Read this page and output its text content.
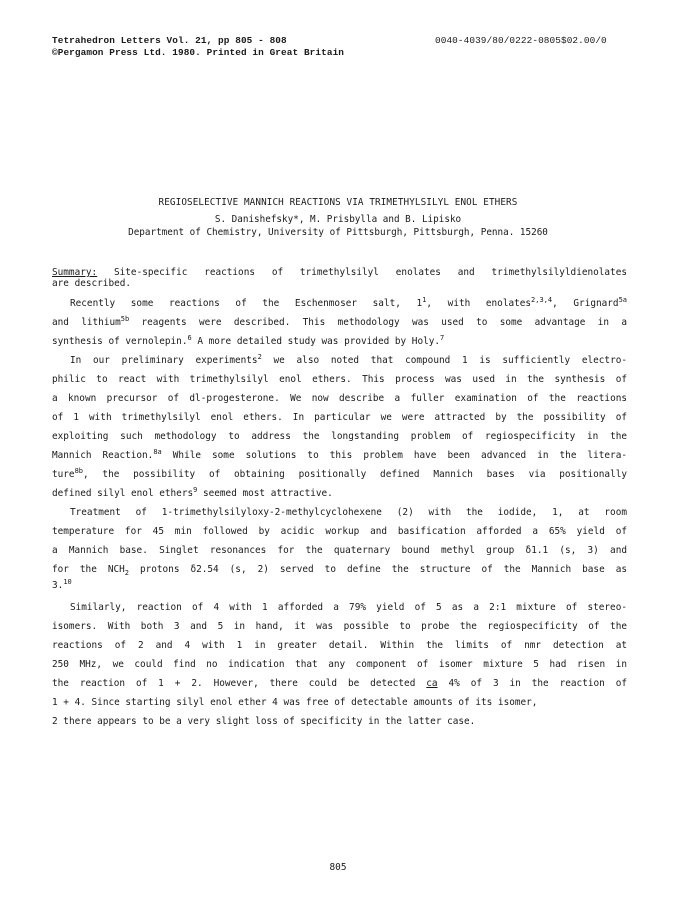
Tetrahedron Letters Vol. 21, pp 805 - 808
©Pergamon Press Ltd. 1980. Printed in Great Britain
0040-4039/80/0222-0805$02.00/0
REGIOSELECTIVE MANNICH REACTIONS VIA TRIMETHYLSILYL ENOL ETHERS
S. Danishefsky*, M. Prisbylla and B. Lipisko
Department of Chemistry, University of Pittsburgh, Pittsburgh, Penna. 15260
Summary: Site-specific reactions of trimethylsilyl enolates and trimethylsilyldienolates
are described.
Recently some reactions of the Eschenmoser salt, $1^1$, with enolates$^{2,3,4}$, Grignard$^{5a}$
and lithium$^{5b}$ reagents were described. This methodology was used to some advantage in a
synthesis of vernolepin.$^6$ A more detailed study was provided by Holy.$^7$
In our preliminary experiments$^2$ we also noted that compound 1 is sufficiently electro-
philic to react with trimethylsilyl enol ethers. This process was used in the synthesis of
a known precursor of dl-progesterone. We now describe a fuller examination of the reactions
of 1 with trimethylsilyl enol ethers. In particular we were attracted by the possibility of
exploiting such methodology to address the longstanding problem of regiospecificity in the
Mannich Reaction.$^{8a}$ While some solutions to this problem have been advanced in the litera-
ture$^{8b}$, the possibility of obtaining positionally defined Mannich bases via positionally
defined silyl enol ethers$^9$ seemed most attractive.
Treatment of 1-trimethylsilyloxy-2-methylcyclohexene (2) with the iodide, 1, at room
temperature for 45 min followed by acidic workup and basification afforded a 65% yield of
a Mannich base. Singlet resonances for the quaternary bound methyl group δ1.1 (s, 3) and
for the $NCH_2$ protons δ2.54 (s, 2) served to define the structure of the Mannich base as
3.10
Similarly, reaction of 4 with 1 afforded a 79% yield of 5 as a 2:1 mixture of stereo-
isomers. With both 3 and 5 in hand, it was possible to probe the regiospecificity of the
reactions of 2 and 4 with 1 in greater detail. Within the limits of nmr detection at
250 MHz, we could find no indication that any component of isomer mixture 5 had risen in
the reaction of 1 + 2. However, there could be detected ca 4% of 3 in the reaction of
1 + 4. Since starting silyl enol ether 4 was free of detectable amounts of its isomer,
2 there appears to be a very slight loss of specificity in the latter case.
805
